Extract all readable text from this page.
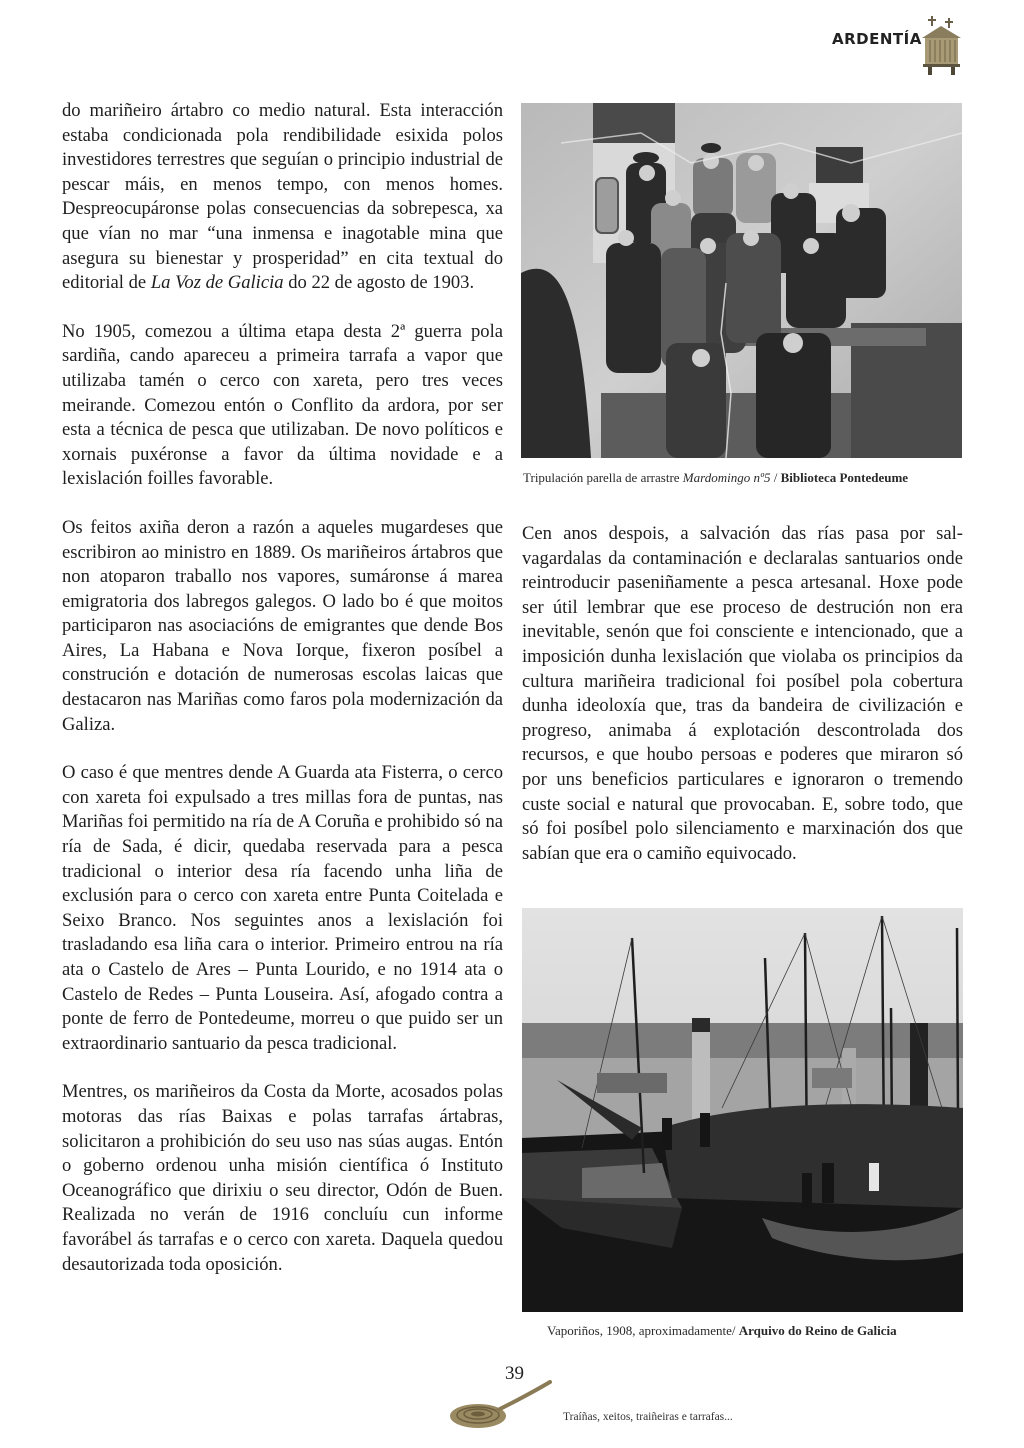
ARDENTÍA

do mariñeiro ártabro co medio natural. Esta interacción estaba condicionada pola rendibilidade esixida polos investidores terrestres que seguían o principio industrial de pescar máis, en menos tempo, con menos homes. Despreocupáronse polas consecuencias da sobrepesca, xa que vían no mar “una inmensa e inagotable mina que asegura su bienestar y prosperidad” en cita textual do editorial de La Voz de Galicia do 22 de agosto de 1903.

No 1905, comezou a última etapa desta 2ª guerra pola sardiña, cando apareceu a primeira tarrafa a vapor que utilizaba tamén o cerco con xareta, pero tres veces meirande. Comezou entón o Conflito da ardora, por ser esta a técnica de pesca que utilizaban. De novo políticos e xornais puxéronse a favor da última novidade e a lexislación foilles favorable.

Os feitos axiña deron a razón a aqueles mugardeses que escribiron ao ministro en 1889. Os mariñeiros ártabros que non atoparon traballo nos vapores, sumáronse á marea emigratoria dos labregos galegos. O lado bo é que moitos participaron nas asociacións de emigrantes que dende Bos Aires, La Habana e Nova Iorque, fixeron posíbel a construción e dotación de numerosas escolas laicas que destacaron nas Mariñas como faros pola modernización da Galiza.

O caso é que mentres dende A Guarda ata Fisterra, o cerco con xareta foi expulsado a tres millas fora de puntas, nas Mariñas foi permitido na ría de A Coruña e prohibido só na ría de Sada, é dicir, quedaba reservada para a pesca tradicional o interior desa ría facendo unha liña de exclusión para o cerco con xareta entre Punta Coitelada e Seixo Branco. Nos seguintes anos a lexislación foi trasladando esa liña cara o interior. Primeiro entrou na ría ata o Castelo de Ares – Punta Lourido, e no 1914 ata o Castelo de Redes – Punta Louseira. Así, afogado contra a ponte de ferro de Pontedeume, morreu o que puido ser un extraordinario santuario da pesca tradicional.

Mentres, os mariñeiros da Costa da Morte, acosados polas motoras das rías Baixas e polas tarrafas ártabras, solicitaron a prohibición do seu uso nas súas augas. Entón o goberno ordenou unha misión científica ó Instituto Oceanográfico que dirixiu o seu director, Odón de Buen. Realizada no verán de 1916 concluíu cun informe favorábel ás tarrafas e o cerco con xareta. Daquela quedou desautorizada toda oposición.

Tripulación parella de arrastre Mardomingo nº5 / Biblioteca Pontedeume

Cen anos despois, a salvación das rías pasa por salvagardalas da contaminación e declaralas santuarios onde reintroducir paseniñamente a pesca artesanal. Hoxe pode ser útil lembrar que ese proceso de destrución non era inevitable, senón que foi consciente e intencionado, que a imposición dunha lexislación que violaba os principios da cultura mariñeira tradicional foi posíbel pola cobertura dunha ideoloxía que, tras da bandeira de civilización e progreso, animaba á explotación descontrolada dos recursos, e que houbo persoas e poderes que miraron só por uns beneficios particulares e ignoraron o tremendo custe social e natural que provocaban. E, sobre todo, que só foi posíbel polo silenciamento e marxinación dos que sabían que era o camiño equivocado.

Vaporiños, 1908, aproximadamente/ Arquivo do Reino de Galicia
39
Traíñas, xeitos, traiñeiras e tarrafas...
